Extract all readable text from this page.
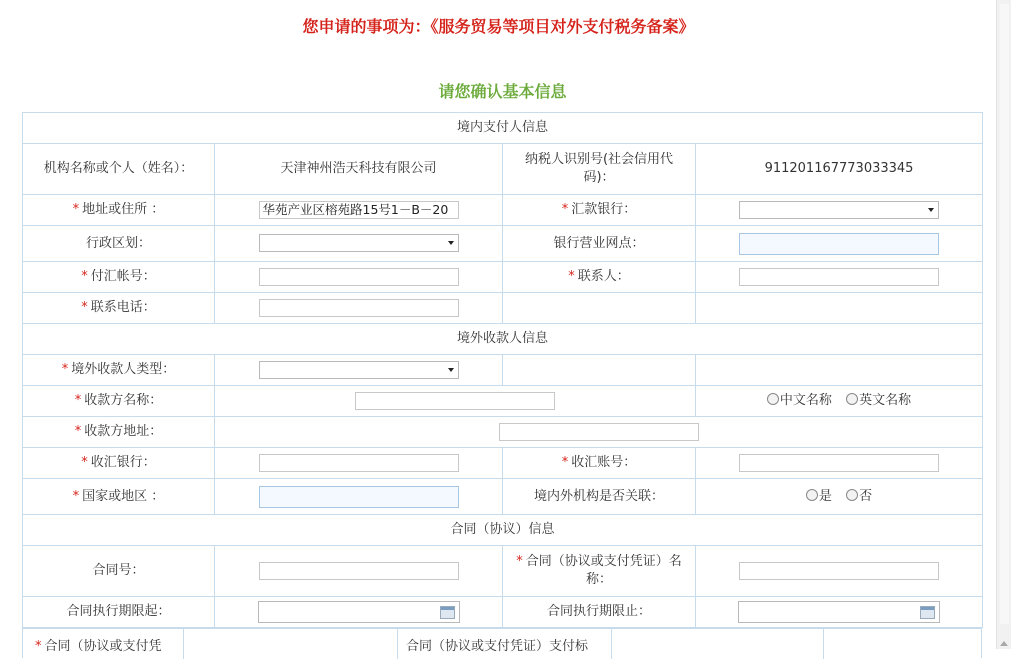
您申请的事项为：《服务贸易等项目对外支付税务备案》
请您确认基本信息
境内支付人信息			
机构名称或个人（姓名）：	天津神州浩天科技有限公司	纳税人识别号(社会信用代码)：	911201167773033345
* 地址或住所 ：	华苑产业区榕苑路15号1－B－20	* 汇款银行：	

行政区划：		银行营业网点：	
* 付汇帐号：		* 联系人：	
* 联系电话：			
境外收款人信息			
* 境外收款人类型：	

* 收款方名称：			中文名称 英文名称
* 收款方地址：			
* 收汇银行：		* 收汇账号：	
* 国家或地区 ：		境内外机构是否关联：	是 否
合同（协议）信息			
合同号：		* 合同（协议或支付凭证）名称：	
合同执行期限起：		合同执行期限止：	
* 合同（协议或支付凭	合同（协议或支付凭证）支付标
